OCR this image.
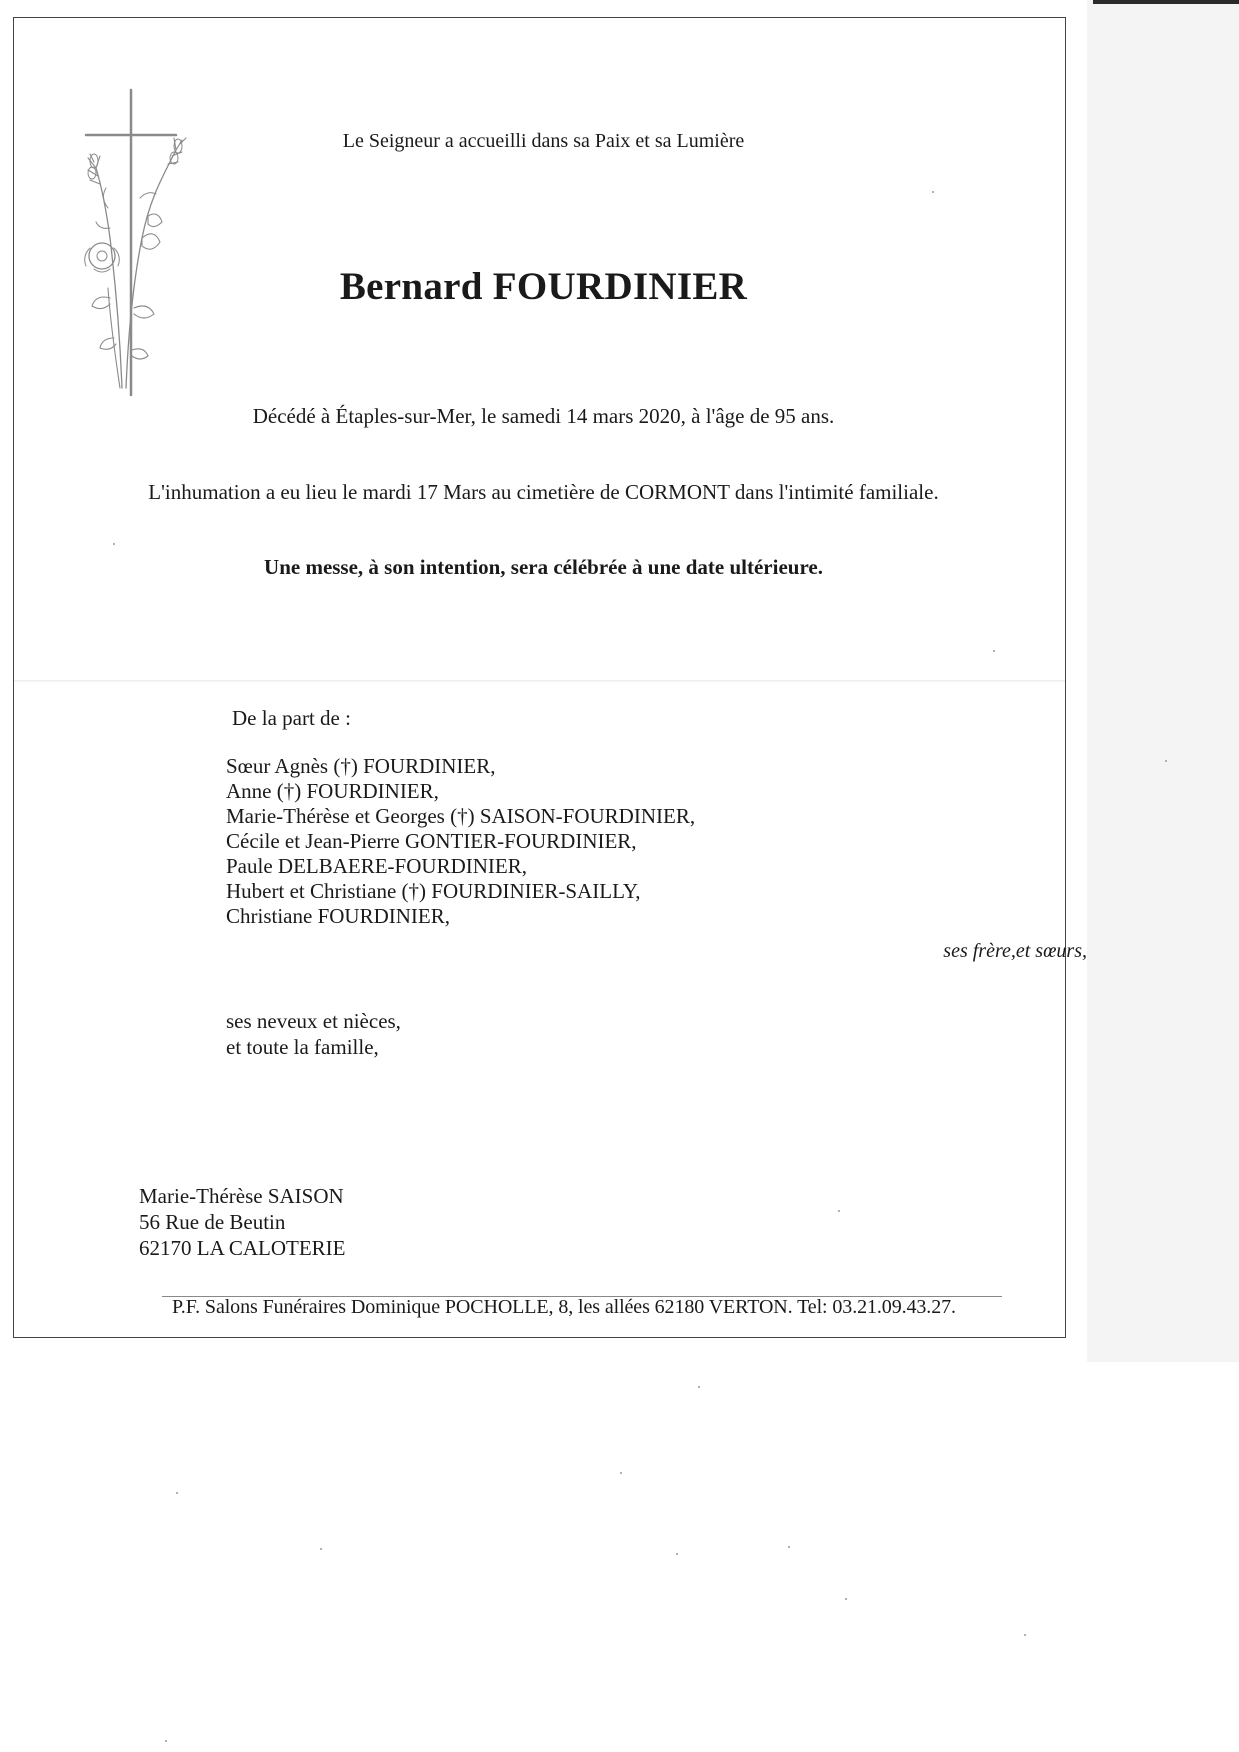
Le Seigneur a accueilli dans sa Paix et sa Lumière

Bernard FOURDINIER

Décédé à Étaples-sur-Mer, le samedi 14 mars 2020, à l'âge de 95 ans.

L'inhumation a eu lieu le mardi 17 Mars au cimetière de CORMONT dans l'intimité familiale.

Une messe, à son intention, sera célébrée à une date ultérieure.

De la part de :

Sœur Agnès (†) FOURDINIER,
Anne (†) FOURDINIER,
Marie-Thérèse et Georges (†) SAISON-FOURDINIER,
Cécile et Jean-Pierre GONTIER-FOURDINIER,
Paule DELBAERE-FOURDINIER,
Hubert et Christiane (†) FOURDINIER-SAILLY,
Christiane FOURDINIER,

ses frère,et sœurs,

ses neveux et nièces,
et toute la famille,
Marie-Thérèse SAISON
56 Rue de Beutin
62170 LA CALOTERIE

P.F. Salons Funéraires Dominique POCHOLLE, 8, les allées 62180 VERTON. Tel: 03.21.09.43.27.
